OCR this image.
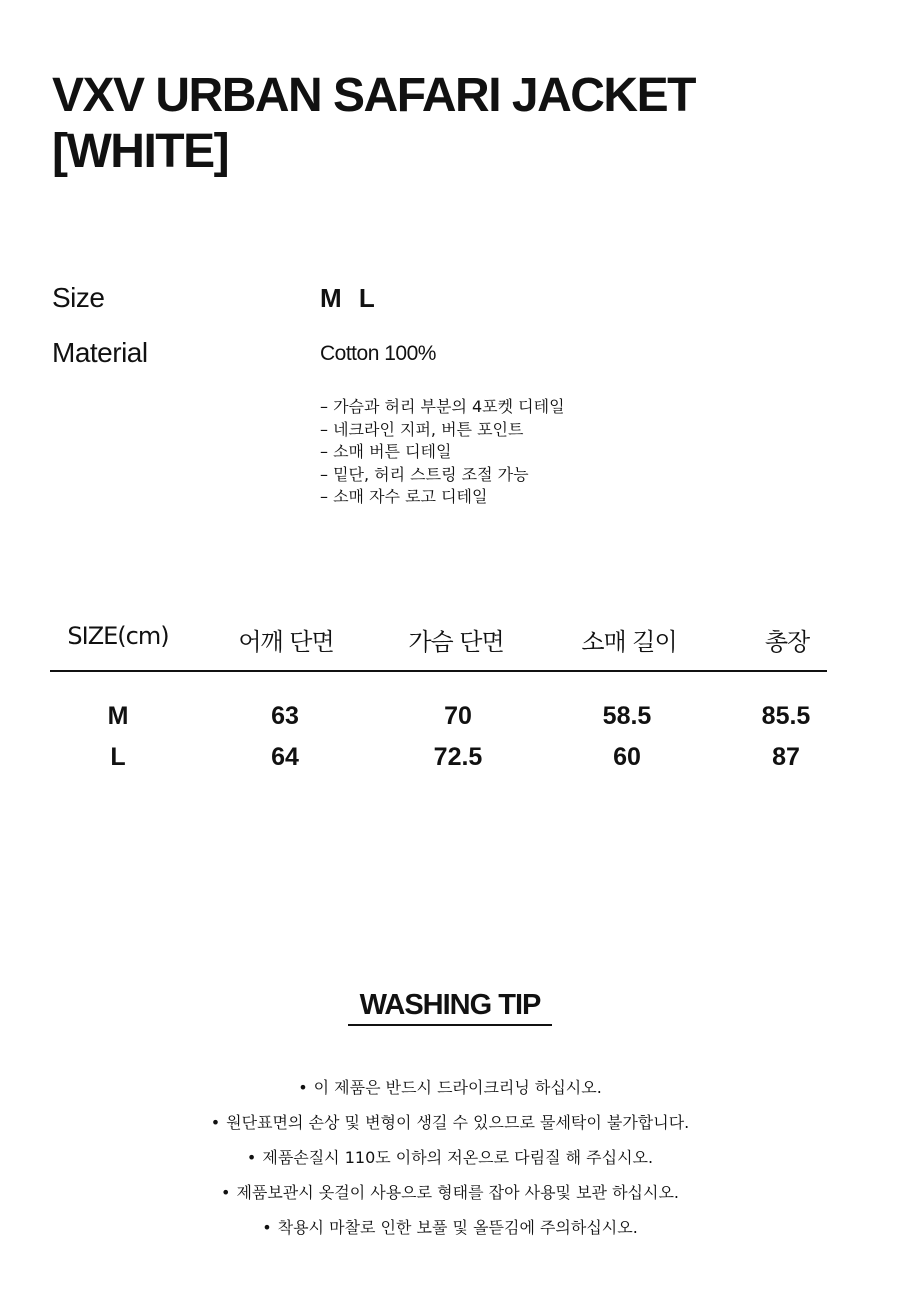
VXV URBAN SAFARI JACKET
[WHITE]
Size	M L
Material	Cotton 100%
– 가슴과 허리 부분의 4포켓 디테일
– 네크라인 지퍼, 버튼 포인트
– 소매 버튼 디테일
– 밑단, 허리 스트링 조절 가능
– 소매 자수 로고 디테일
SIZE(cm)	어깨 단면	가슴 단면	소매 길이	총장
M	63	70	58.5	85.5
L	64	72.5	60	87
WASHING TIP
• 이 제품은 반드시 드라이크리닝 하십시오.
• 원단표면의 손상 및 변형이 생길 수 있으므로 물세탁이 불가합니다.
• 제품손질시 110도 이하의 저온으로 다림질 해 주십시오.
• 제품보관시 옷걸이 사용으로 형태를 잡아 사용및 보관 하십시오.
• 착용시 마찰로 인한 보풀 및 올뜯김에 주의하십시오.
